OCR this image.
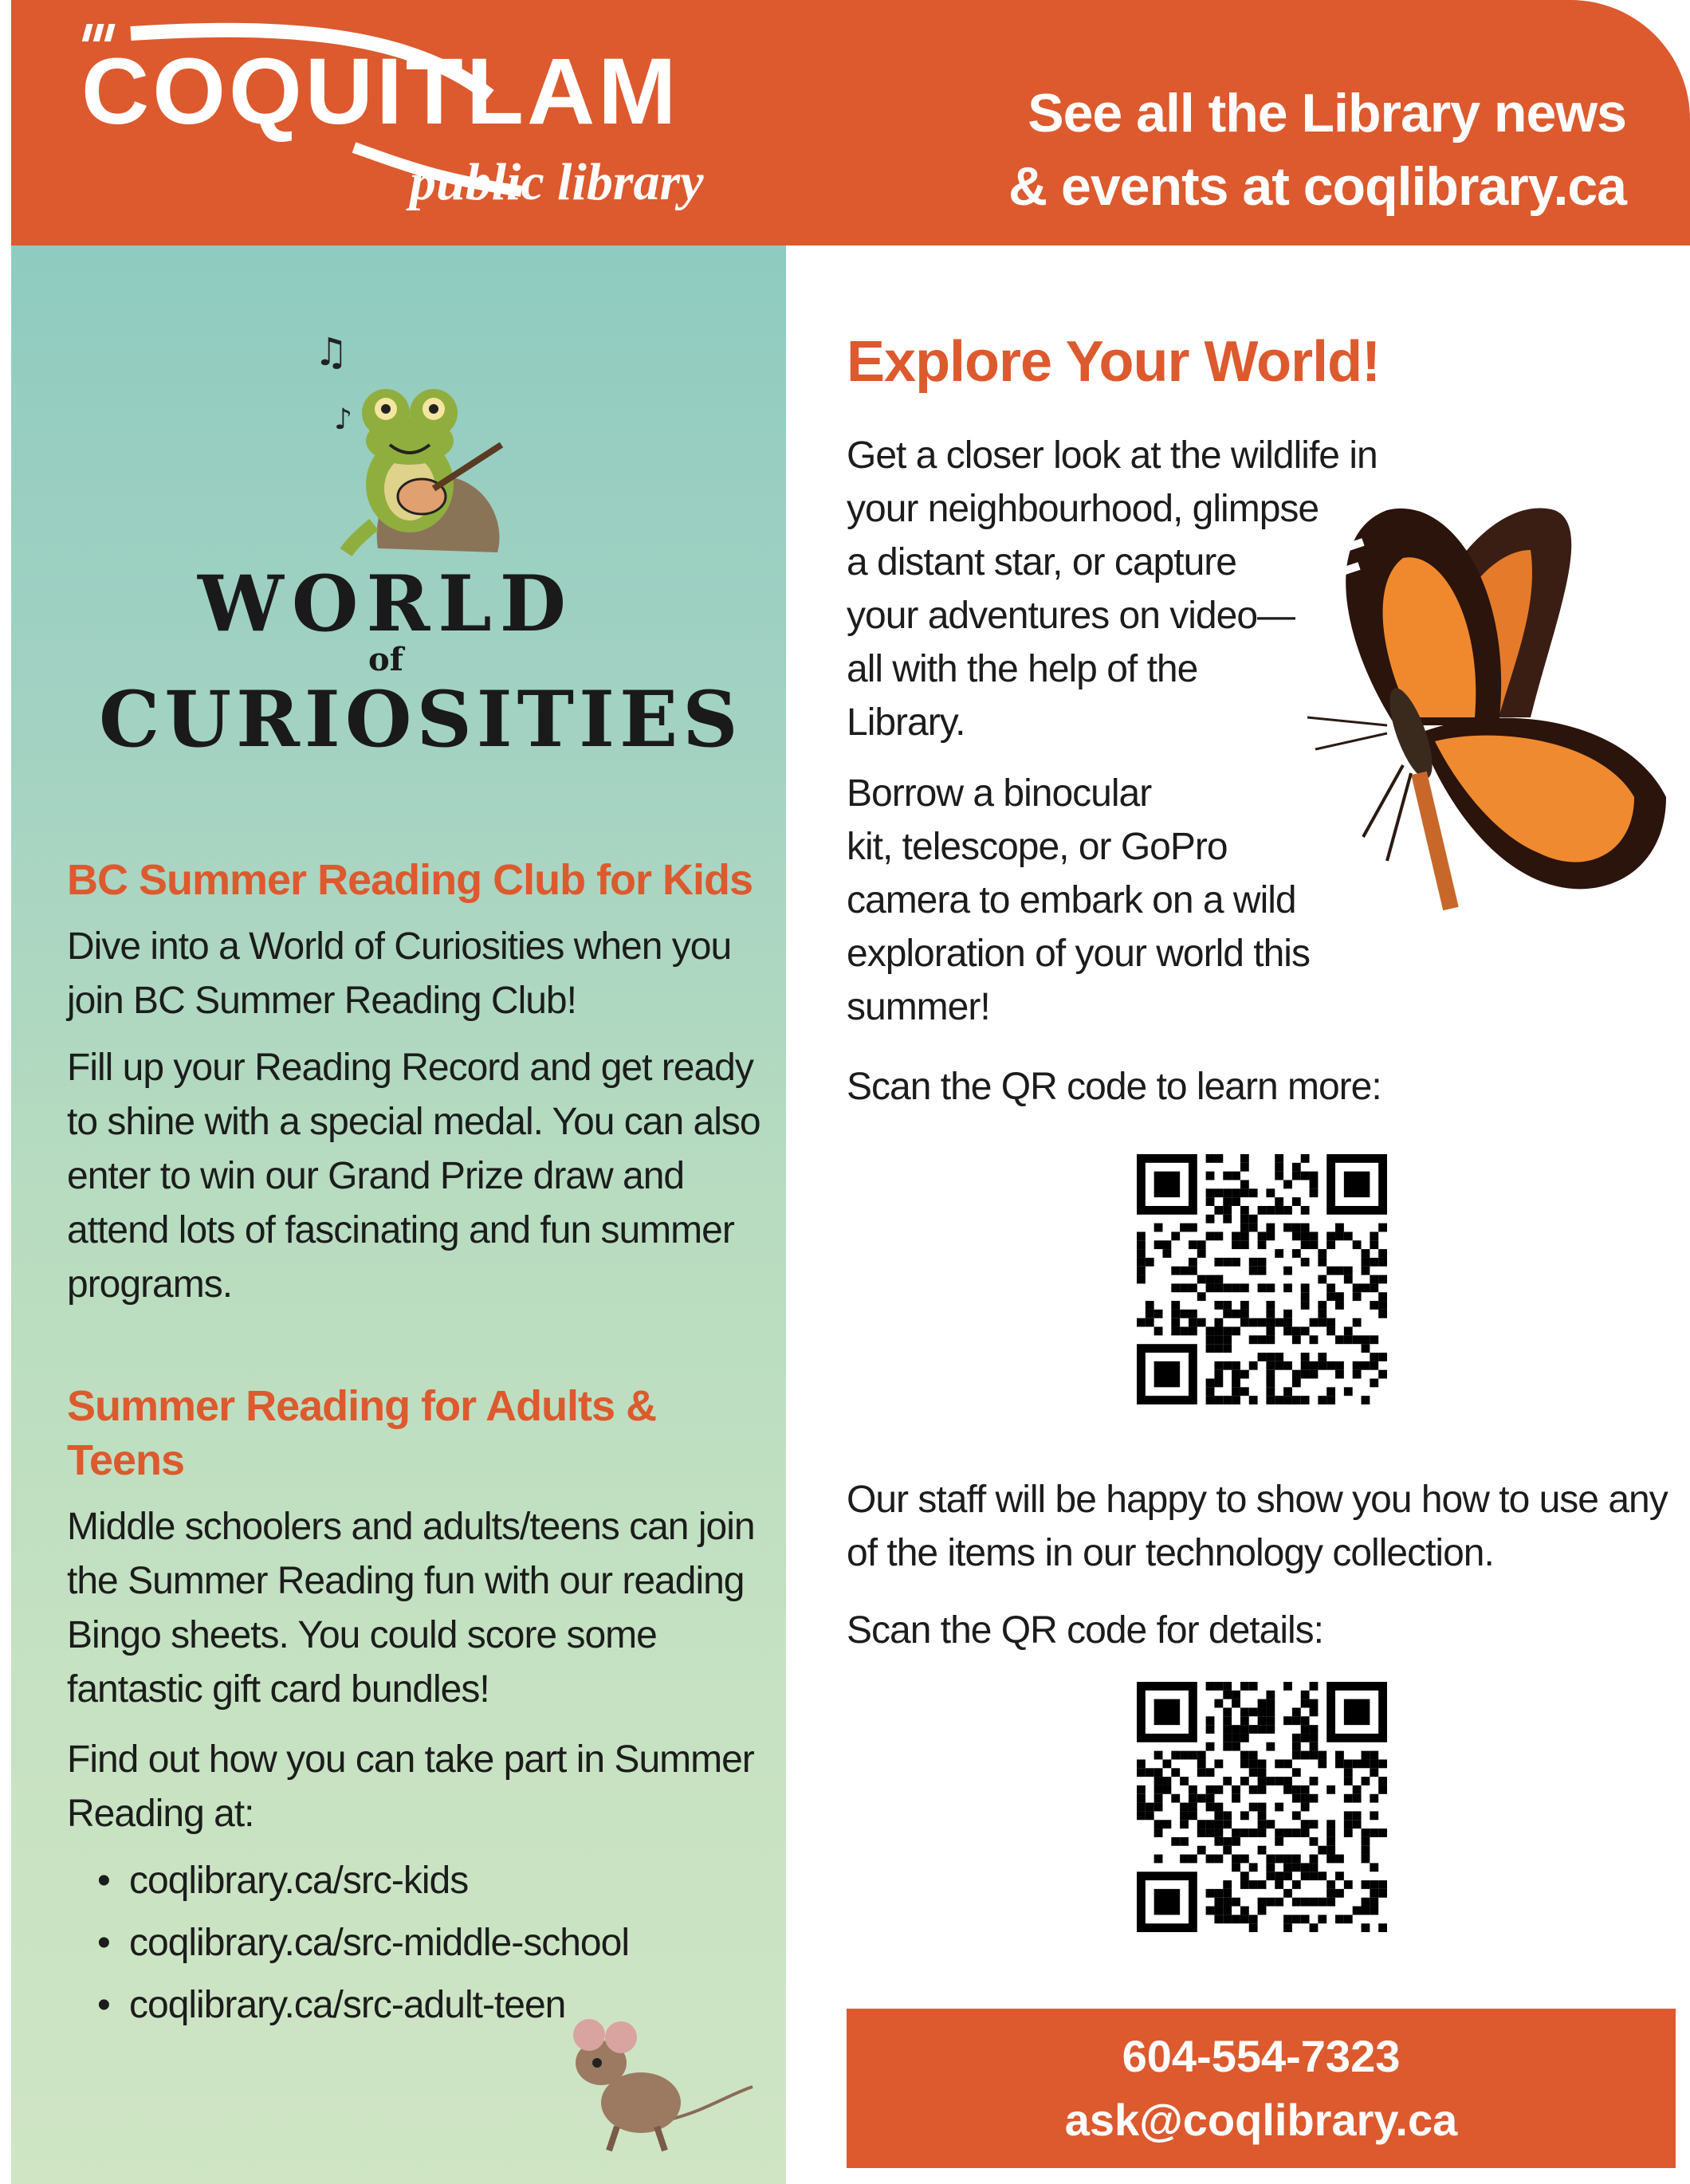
COQUITLAM
public library
See all the Library news
& events at coqlibrary.ca
♫
♪
WORLD
of
CURIOSITIES
BC Summer Reading Club for Kids

Dive into a World of Curiosities when you join BC Summer Reading Club!

Fill up your Reading Record and get ready to shine with a special medal. You can also enter to win our Grand Prize draw and attend lots of fascinating and fun summer programs.

Summer Reading for Adults & Teens

Middle schoolers and adults/teens can join the Summer Reading fun with our reading Bingo sheets. You could score some fantastic gift card bundles!

Find out how you can take part in Summer Reading at:

• coqlibrary.ca/src-kids
• coqlibrary.ca/src-middle-school
• coqlibrary.ca/src-adult-teen
Explore Your World!
Get a closer look at the wildlife in
your neighbourhood, glimpse
a distant star, or capture
your adventures on video—
all with the help of the
Library.
Borrow a binocular
kit, telescope, or GoPro
camera to embark on a wild
exploration of your world this
summer!
Scan the QR code to learn more:
Our staff will be happy to show you how to use any of the items in our technology collection.
Scan the QR code for details:
604-554-7323
ask@coqlibrary.ca
